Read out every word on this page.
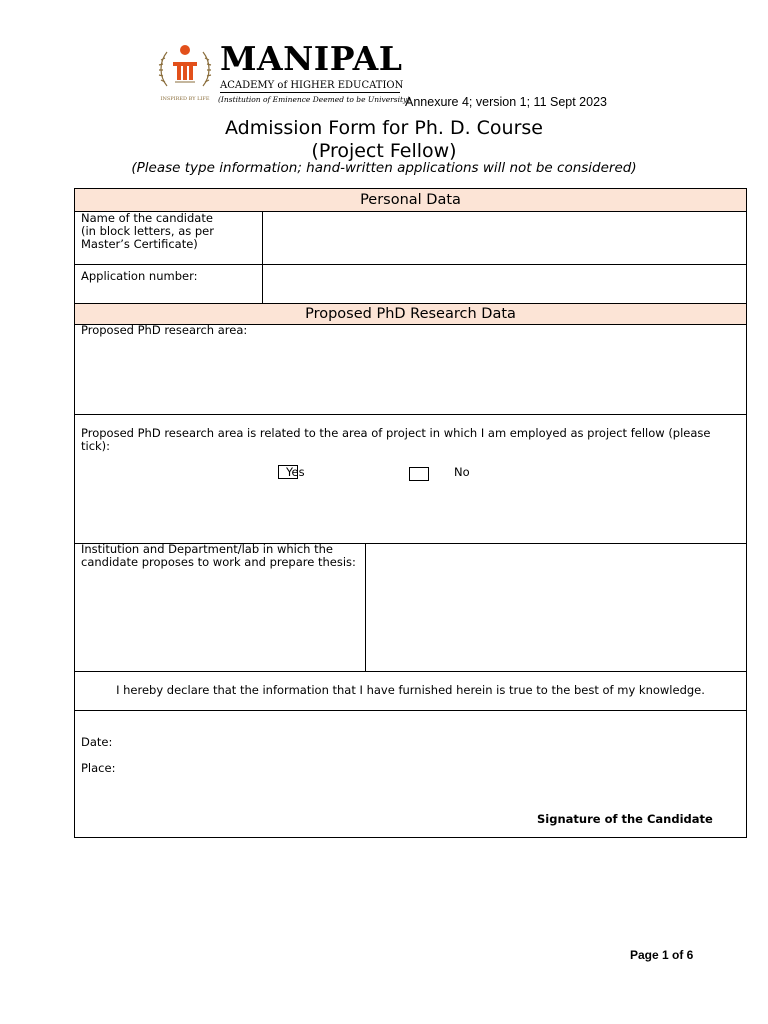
INSPIRED BY LIFE
MANIPAL
ACADEMY of HIGHER EDUCATION
(Institution of Eminence Deemed to be University)
Annexure 4; version 1; 11 Sept 2023
Admission Form for Ph. D. Course
(Project Fellow)
(Please type information; hand-written applications will not be considered)
Personal Data
Name of the candidate
(in block letters, as per
Master’s Certificate)
Application number:
Proposed PhD Research Data
Proposed PhD research area:
Proposed PhD research area is related to the area of project in which I am employed as project fellow (please
tick):
Yes	No
Institution and Department/lab in which the
candidate proposes to work and prepare thesis:
I hereby declare that the information that I have furnished herein is true to the best of my knowledge.
Date:
Place:
Signature of the Candidate
Page 1 of 6
